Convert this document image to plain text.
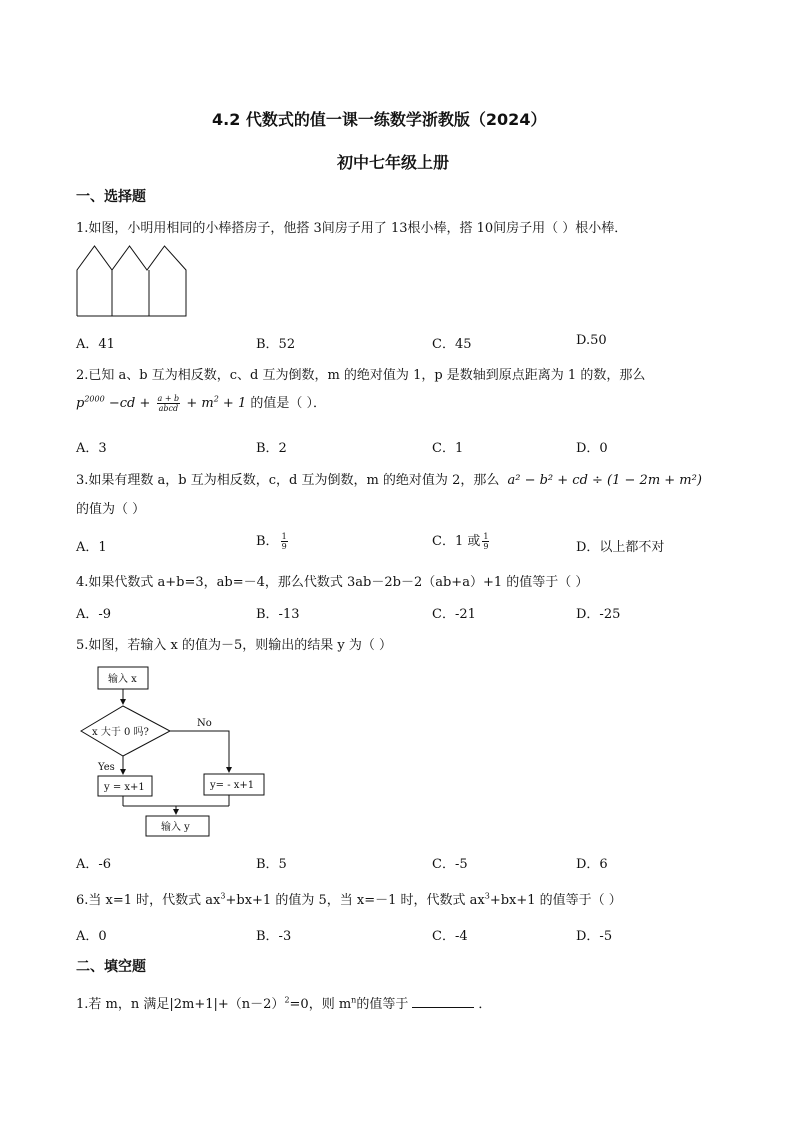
4.2 代数式的值一课一练数学浙教版（2024）
初中七年级上册
一、选择题
1.如图，小明用相同的小棒搭房子，他搭 3间房子用了 13根小棒，搭 10间房子用（ ）根小棒．
A．41	B．52	C．45	D.50
2.已知 a、b 互为相反数，c、d 互为倒数，m 的绝对值为 1，p 是数轴到原点距离为 1 的数，那么
$p^{2000} -cd + \frac{a + b}{\text{abcd}} + m^2 + 1$ 的值是（ ）．
A．3	B．2	C．1	D．0
3.如果有理数 a，b 互为相反数，c，d 互为倒数，m 的绝对值为 2，那么 a² − b² + cd ÷ (1 − 2m + m²)
的值为（ ）
A．1	B． $\frac{1}{9}$	C．1 或 $\frac{1}{9}$	D．以上都不对
4.如果代数式 a+b=3，ab=－4，那么代数式 3ab－2b－2（ab+a）+1 的值等于（ ）
A．-9	B．-13	C．-21	D．-25
5.如图，若输入 x 的值为－5，则输出的结果 y 为（ ）
输入 x
x 大于 0 吗?
No
Yes
y = x+1	y= - x+1
输入 y
A．-6	B．5	C．-5	D．6
6.当 x=1 时，代数式 $ax^3+bx+1$ 的值为 5，当 x=－1 时，代数式 $ax^3+bx+1$ 的值等于（ ）
A．0	B．-3	C．-4	D．-5
二、填空题
1.若 m，n 满足$|2m+1|+(n-2)^2=0$，则 $m^n$的值等于	．
